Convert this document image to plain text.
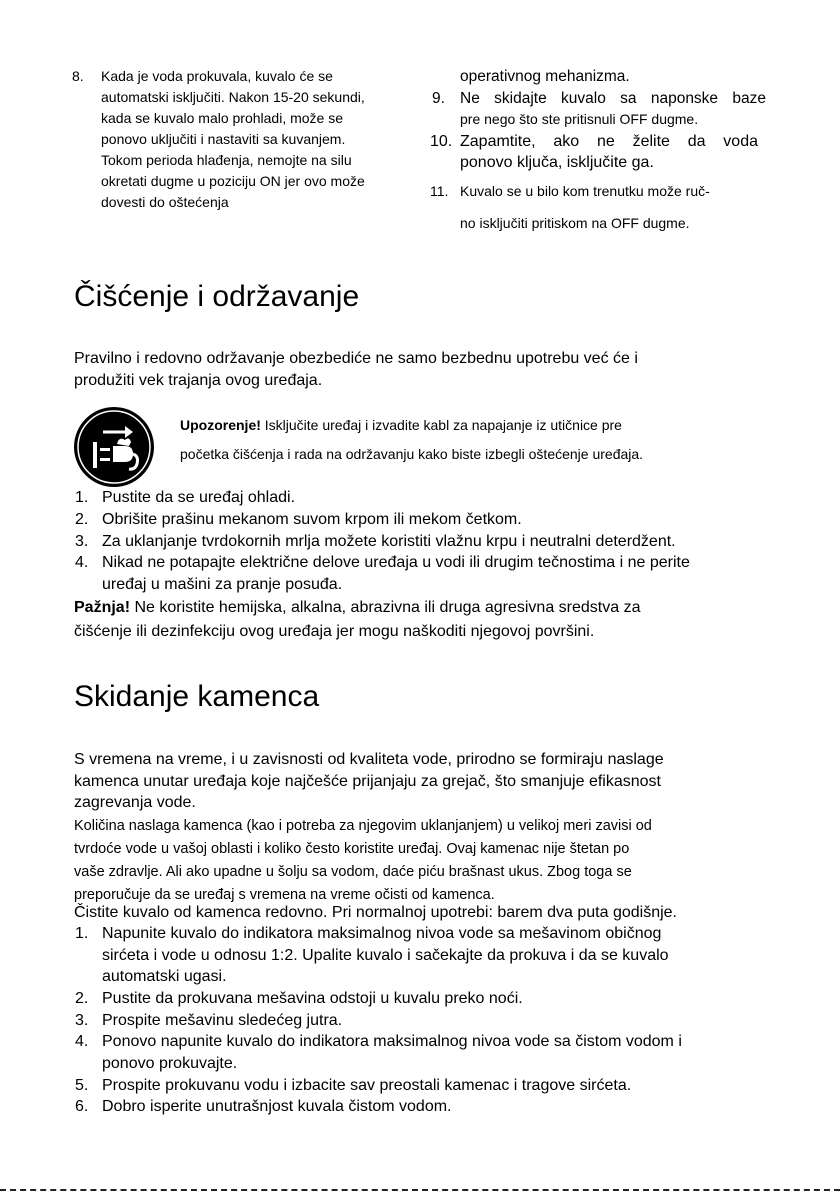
8. Kada je voda prokuvala, kuvalo će se
automatski isključiti. Nakon 15-20 sekundi,
kada se kuvalo malo prohladi, može se
ponovo uključiti i nastaviti sa kuvanjem.
Tokom perioda hlađenja, nemojte na silu
okretati dugme u poziciju ON jer ovo može
dovesti do oštećenja
operativnog mehanizma.
9. Ne skidajte kuvalo sa naponske baze
pre nego što ste pritisnuli OFF dugme.
10. Zapamtite, ako ne želite da voda
ponovo ključa, isključite ga.
11. Kuvalo se u bilo kom trenutku može ruč-
no isključiti pritiskom na OFF dugme.
Čišćenje i održavanje
Pravilno i redovno održavanje obezbediće ne samo bezbednu upotrebu već će i
produžiti vek trajanja ovog uređaja.
Upozorenje! Isključite uređaj i izvadite kabl za napajanje iz utičnice pre
početka čišćenja i rada na održavanju kako biste izbegli oštećenje uređaja.
1. Pustite da se uređaj ohladi.
2. Obrišite prašinu mekanom suvom krpom ili mekom četkom.
3. Za uklanjanje tvrdokornih mrlja možete koristiti vlažnu krpu i neutralni deterdžent.
4. Nikad ne potapajte električne delove uređaja u vodi ili drugim tečnostima i ne perite
uređaj u mašini za pranje posuđa.
Pažnja! Ne koristite hemijska, alkalna, abrazivna ili druga agresivna sredstva za
čišćenje ili dezinfekciju ovog uređaja jer mogu naškoditi njegovoj površini.
Skidanje kamenca
S vremena na vreme, i u zavisnosti od kvaliteta vode, prirodno se formiraju naslage
kamenca unutar uređaja koje najčešće prijanjaju za grejač, što smanjuje efikasnost
zagrevanja vode.
Količina naslaga kamenca (kao i potreba za njegovim uklanjanjem) u velikoj meri zavisi od
tvrdoće vode u vašoj oblasti i koliko često koristite uređaj. Ovaj kamenac nije štetan po
vaše zdravlje. Ali ako upadne u šolju sa vodom, daće piću brašnast ukus. Zbog toga se
preporučuje da se uređaj s vremena na vreme očisti od kamenca.
Čistite kuvalo od kamenca redovno. Pri normalnoj upotrebi: barem dva puta godišnje.
1. Napunite kuvalo do indikatora maksimalnog nivoa vode sa mešavinom običnog
sirćeta i vode u odnosu 1:2. Upalite kuvalo i sačekajte da prokuva i da se kuvalo
automatski ugasi.
2. Pustite da prokuvana mešavina odstoji u kuvalu preko noći.
3. Prospite mešavinu sledećeg jutra.
4. Ponovo napunite kuvalo do indikatora maksimalnog nivoa vode sa čistom vodom i
ponovo prokuvajte.
5. Prospite prokuvanu vodu i izbacite sav preostali kamenac i tragove sirćeta.
6. Dobro isperite unutrašnjost kuvala čistom vodom.
